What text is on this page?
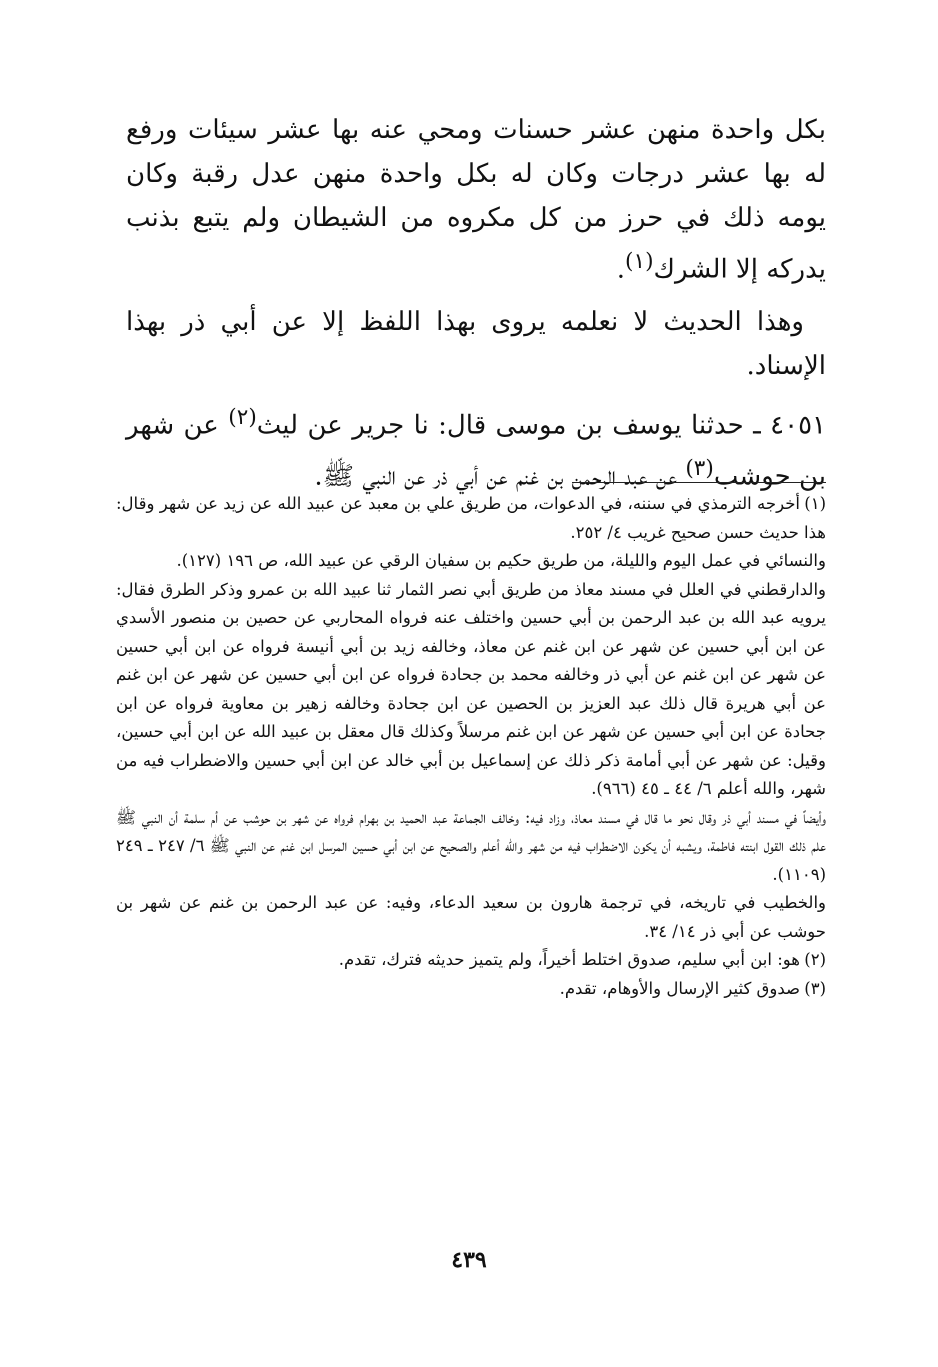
بكل واحدة منهن عشر حسنات ومحي عنه بها عشر سيئات ورفع له بها عشر درجات وكان له بكل واحدة منهن عدل رقبة وكان يومه ذلك في حرز من كل مكروه من الشيطان ولم يتبع بذنب يدركه إلا الشرك$^{(١)}$.

وهذا الحديث لا نعلمه يروى بهذا اللفظ إلا عن أبي ذر بهذا الإسناد.

٤٠٥١ ـ حدثنا يوسف بن موسى قال: نا جرير عن ليث$^{(٢)}$ عن شهر بن حوشب$^{(٣)}$ عن عبد الرحمن بن غنم عن أبي ذر عن النبي ﷺ.

(١)أخرجه الترمذي في سننه، في الدعوات، من طريق علي بن معبد عن عبيد الله عن زيد عن شهر وقال: هذا حديث حسن صحيح غريب ٤/ ٢٥٢.

والنسائي في عمل اليوم والليلة، من طريق حكيم بن سفيان الرقي عن عبيد الله، ص ١٩٦ (١٢٧).

والدارقطني في العلل في مسند معاذ من طريق أبي نصر الثمار ثنا عبيد الله بن عمرو وذكر الطرق فقال: يرويه عبد الله بن عبد الرحمن بن أبي حسين واختلف عنه فرواه المحاربي عن حصين بن منصور الأسدي عن ابن أبي حسين عن شهر عن ابن غنم عن معاذ، وخالفه زيد بن أبي أنيسة فرواه عن ابن أبي حسين عن شهر عن ابن غنم عن أبي ذر وخالفه محمد بن جحادة فرواه عن ابن أبي حسين عن شهر عن ابن غنم عن أبي هريرة قال ذلك عبد العزيز بن الحصين عن ابن جحادة وخالفه زهير بن معاوية فرواه عن ابن جحادة عن ابن أبي حسين عن شهر عن ابن غنم مرسلاً وكذلك قال معقل بن عبيد الله عن ابن أبي حسين، وقيل: عن شهر عن أبي أمامة ذكر ذلك عن إسماعيل بن أبي خالد عن ابن أبي حسين والاضطراب فيه من شهر، والله أعلم ٦/ ٤٤ ـ ٤٥ (٩٦٦).

وأيضاً في مسند أبي ذر وقال نحو ما قال في مسند معاذ، وزاد فيه: وخالف الجماعة عبد الحميد بن بهرام فرواه عن شهر بن حوشب عن أم سلمة أن النبي ﷺ علم ذلك القول ابنته فاطمة، ويشبه أن يكون الاضطراب فيه من شهر والله أعلم والصحيح عن ابن أبي حسين المرسل ابن غنم عن النبي ﷺ ٦/ ٢٤٧ ـ ٢٤٩ (١١٠٩).

والخطيب في تاريخه، في ترجمة هارون بن سعيد الدعاء، وفيه: عن عبد الرحمن بن غنم عن شهر بن حوشب عن أبي ذر ١٤/ ٣٤.

(٢)هو: ابن أبي سليم، صدوق اختلط أخيراً، ولم يتميز حديثه فترك، تقدم.

(٣)صدوق كثير الإرسال والأوهام، تقدم.

٤٣٩
